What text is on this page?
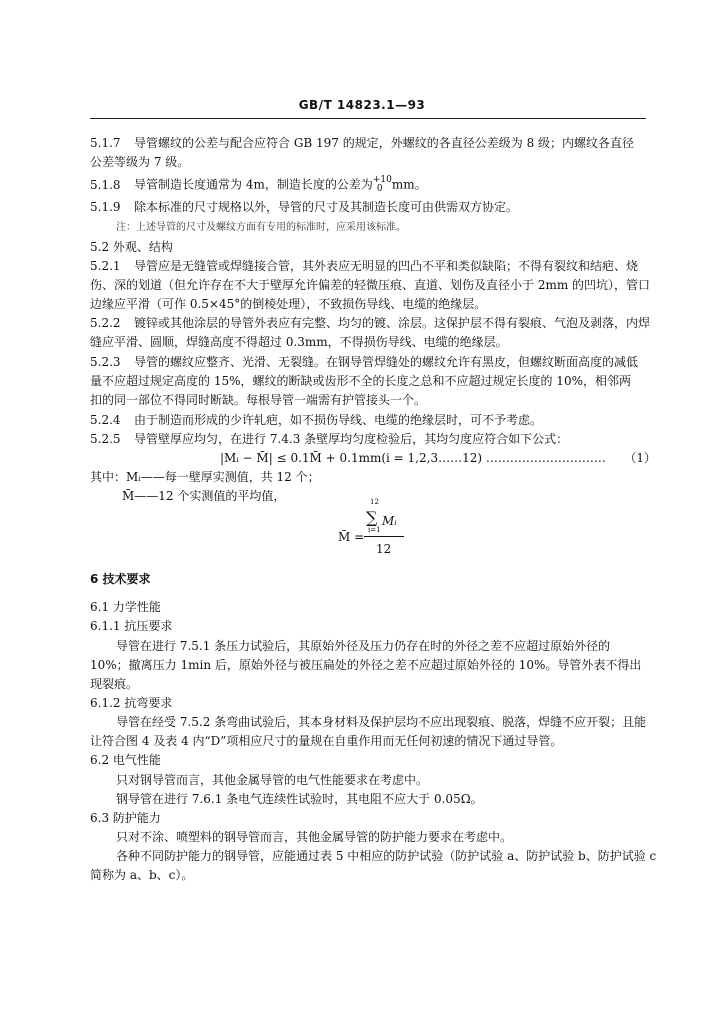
GB/T 14823.1—93
5.1.7 导管螺纹的公差与配合应符合 GB 197 的规定，外螺纹的各直径公差级为 8 级；内螺纹各直径
公差等级为 7 级。
5.1.8 导管制造长度通常为 4m，制造长度的公差为+10
0 mm。
5.1.9 除本标准的尺寸规格以外，导管的尺寸及其制造长度可由供需双方协定。
注：上述导管的尺寸及螺纹方面有专用的标准时，应采用该标准。
5.2 外观、结构
5.2.1 导管应是无缝管或焊缝接合管，其外表应无明显的凹凸不平和类似缺陷；不得有裂纹和结疤、烧
伤、深的划道（但允许存在不大于壁厚允许偏差的轻微压痕、直道、划伤及直径小于 2mm 的凹坑），管口
边缘应平滑（可作 0.5×45°的倒棱处理），不致损伤导线、电缆的绝缘层。
5.2.2 镀锌或其他涂层的导管外表应有完整、均匀的镀、涂层。这保护层不得有裂痕、气泡及剥落，内焊
缝应平滑、圆顺，焊缝高度不得超过 0.3mm，不得损伤导线、电缆的绝缘层。
5.2.3 导管的螺纹应整齐、光滑、无裂缝。在钢导管焊缝处的螺纹允许有黑皮，但螺纹断面高度的减低
量不应超过规定高度的 15%，螺纹的断缺或齿形不全的长度之总和不应超过规定长度的 10%，相邻两
扣的同一部位不得同时断缺。每根导管一端需有护管接头一个。
5.2.4 由于制造而形成的少许轧疤，如不损伤导线、电缆的绝缘层时，可不予考虑。
5.2.5 导管壁厚应均匀，在进行 7.4.3 条壁厚均匀度检验后，其均匀度应符合如下公式：
|Mᵢ − M̄| ≤ 0.1M̄ + 0.1mm(i = 1,2,3……12) ………………………… （1）
其中：Mᵢ——每一壁厚实测值，共 12 个；
M̄——12 个实测值的平均值，
M̄ =
12
∑
i=1
Mᵢ
12
6 技术要求
6.1 力学性能
6.1.1 抗压要求
导管在进行 7.5.1 条压力试验后，其原始外径及压力仍存在时的外径之差不应超过原始外径的
10%；撤离压力 1min 后，原始外径与被压扁处的外径之差不应超过原始外径的 10%。导管外表不得出
现裂痕。
6.1.2 抗弯要求
导管在经受 7.5.2 条弯曲试验后，其本身材料及保护层均不应出现裂痕、脱落，焊缝不应开裂；且能
让符合图 4 及表 4 内“D”项相应尺寸的量规在自重作用而无任何初速的情况下通过导管。
6.2 电气性能
只对钢导管而言，其他金属导管的电气性能要求在考虑中。
钢导管在进行 7.6.1 条电气连续性试验时，其电阻不应大于 0.05Ω。
6.3 防护能力
只对不涂、喷塑料的钢导管而言，其他金属导管的防护能力要求在考虑中。
各种不同防护能力的钢导管，应能通过表 5 中相应的防护试验（防护试验 a、防护试验 b、防护试验 c
简称为 a、b、c）。
